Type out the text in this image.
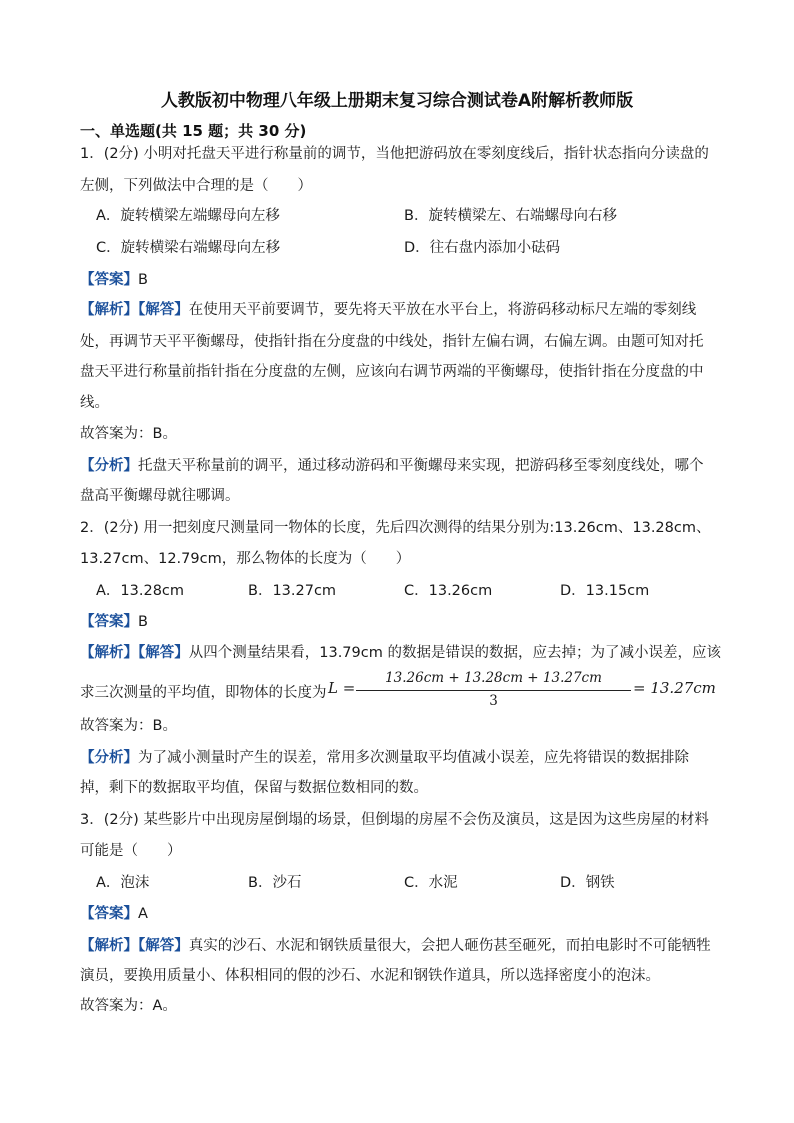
人教版初中物理八年级上册期末复习综合测试卷A附解析教师版
一、单选题(共 15 题；共 30 分)
1．(2分) 小明对托盘天平进行称量前的调节，当他把游码放在零刻度线后，指针状态指向分读盘的
左侧，下列做法中合理的是（　　）
A．旋转横梁左端螺母向左移	B．旋转横梁左、右端螺母向右移
C．旋转横梁右端螺母向左移	D．往右盘内添加小砝码
【答案】B
【解析】【解答】在使用天平前要调节，要先将天平放在水平台上，将游码移动标尺左端的零刻线
处，再调节天平平衡螺母，使指针指在分度盘的中线处，指针左偏右调，右偏左调。由题可知对托
盘天平进行称量前指针指在分度盘的左侧，应该向右调节两端的平衡螺母，使指针指在分度盘的中
线。
故答案为：B。
【分析】托盘天平称量前的调平，通过移动游码和平衡螺母来实现，把游码移至零刻度线处，哪个
盘高平衡螺母就往哪调。
2．(2分) 用一把刻度尺测量同一物体的长度，先后四次测得的结果分别为:13.26cm、13.28cm、
13.27cm、12.79cm，那么物体的长度为（　　）
A．13.28cm	B．13.27cm	C．13.26cm	D．13.15cm
【答案】B
【解析】【解答】从四个测量结果看，13.79cm 的数据是错误的数据，应去掉；为了减小误差，应该
求三次测量的平均值，即物体的长度为 L =
13.26cm + 13.28cm + 13.27cm
3
= 13.27cm
故答案为：B。
【分析】为了减小测量时产生的误差，常用多次测量取平均值减小误差，应先将错误的数据排除
掉，剩下的数据取平均值，保留与数据位数相同的数。
3．(2分) 某些影片中出现房屋倒塌的场景，但倒塌的房屋不会伤及演员，这是因为这些房屋的材料
可能是（　　）
A．泡沫	B．沙石	C．水泥	D．钢铁
【答案】A
【解析】【解答】真实的沙石、水泥和钢铁质量很大，会把人砸伤甚至砸死，而拍电影时不可能牺牲
演员，要换用质量小、体积相同的假的沙石、水泥和钢铁作道具，所以选择密度小的泡沫。
故答案为：A。
